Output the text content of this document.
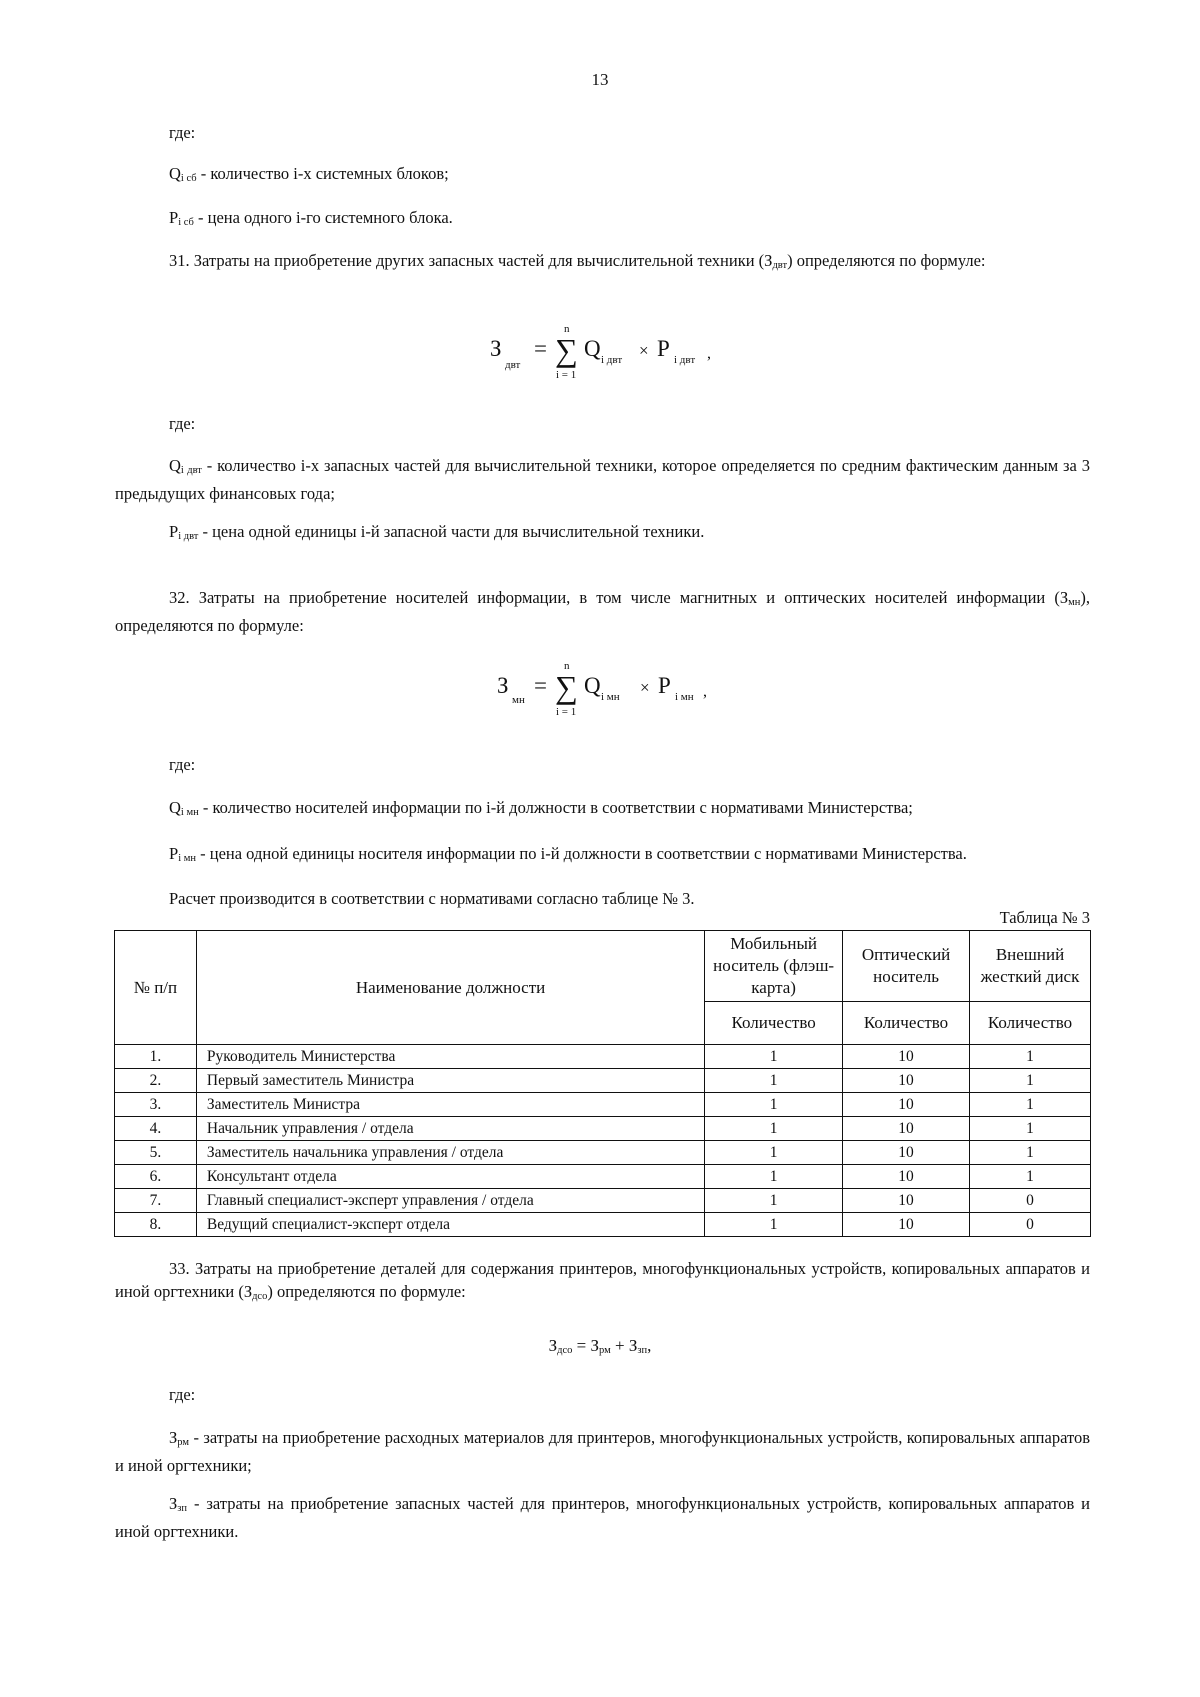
13
где:
$Q_{i сб}$ - количество i-х системных блоков;
$P_{i сб}$ - цена одного i-го системного блока.
31. Затраты на приобретение других запасных частей для вычислительной техники $(З_{двт})$ определяются по формуле:
З
двт
=
n
∑
i = 1
Q i двт × P i двт ,
где:
$Q_{i двт}$ - количество i-х запасных частей для вычислительной техники, которое определяется по средним фактическим данным за 3 предыдущих финансовых года;
$P_{i двт}$ - цена одной единицы i-й запасной части для вычислительной техники.
32. Затраты на приобретение носителей информации, в том числе магнитных и оптических носителей информации $(З_{мн})$, определяются по формуле:
З
мн
=
n
∑
i = 1
Q i мн × P i мн ,
где:
$Q_{i мн}$ - количество носителей информации по i-й должности в соответствии с нормативами Министерства;
$P_{i мн}$ - цена одной единицы носителя информации по i-й должности в соответствии с нормативами Министерства.
Расчет производится в соответствии с нормативами согласно таблице № 3.
Таблица № 3
№ п/п	Наименование должности	Мобильный носитель (флэш-карта)	Оптический носитель	Внешний жесткий диск
		Количество	Количество	Количество
1.	Руководитель Министерства	1	10	1
2.	Первый заместитель Министра	1	10	1
3.	Заместитель Министра	1	10	1
4.	Начальник управления / отдела	1	10	1
5.	Заместитель начальника управления / отдела	1	10	1
6.	Консультант отдела	1	10	1
7.	Главный специалист-эксперт управления / отдела	1	10	0
8.	Ведущий специалист-эксперт отдела	1	10	0
33. Затраты на приобретение деталей для содержания принтеров, многофункциональных устройств, копировальных аппаратов и иной оргтехники $(З_{дсо})$ определяются по формуле:
$З_{дсо} = З_{рм} + З_{зп}$,
где:
$З_{рм}$ - затраты на приобретение расходных материалов для принтеров, многофункциональных устройств, копировальных аппаратов и иной оргтехники;
$З_{зп}$ - затраты на приобретение запасных частей для принтеров, многофункциональных устройств, копировальных аппаратов и иной оргтехники.
